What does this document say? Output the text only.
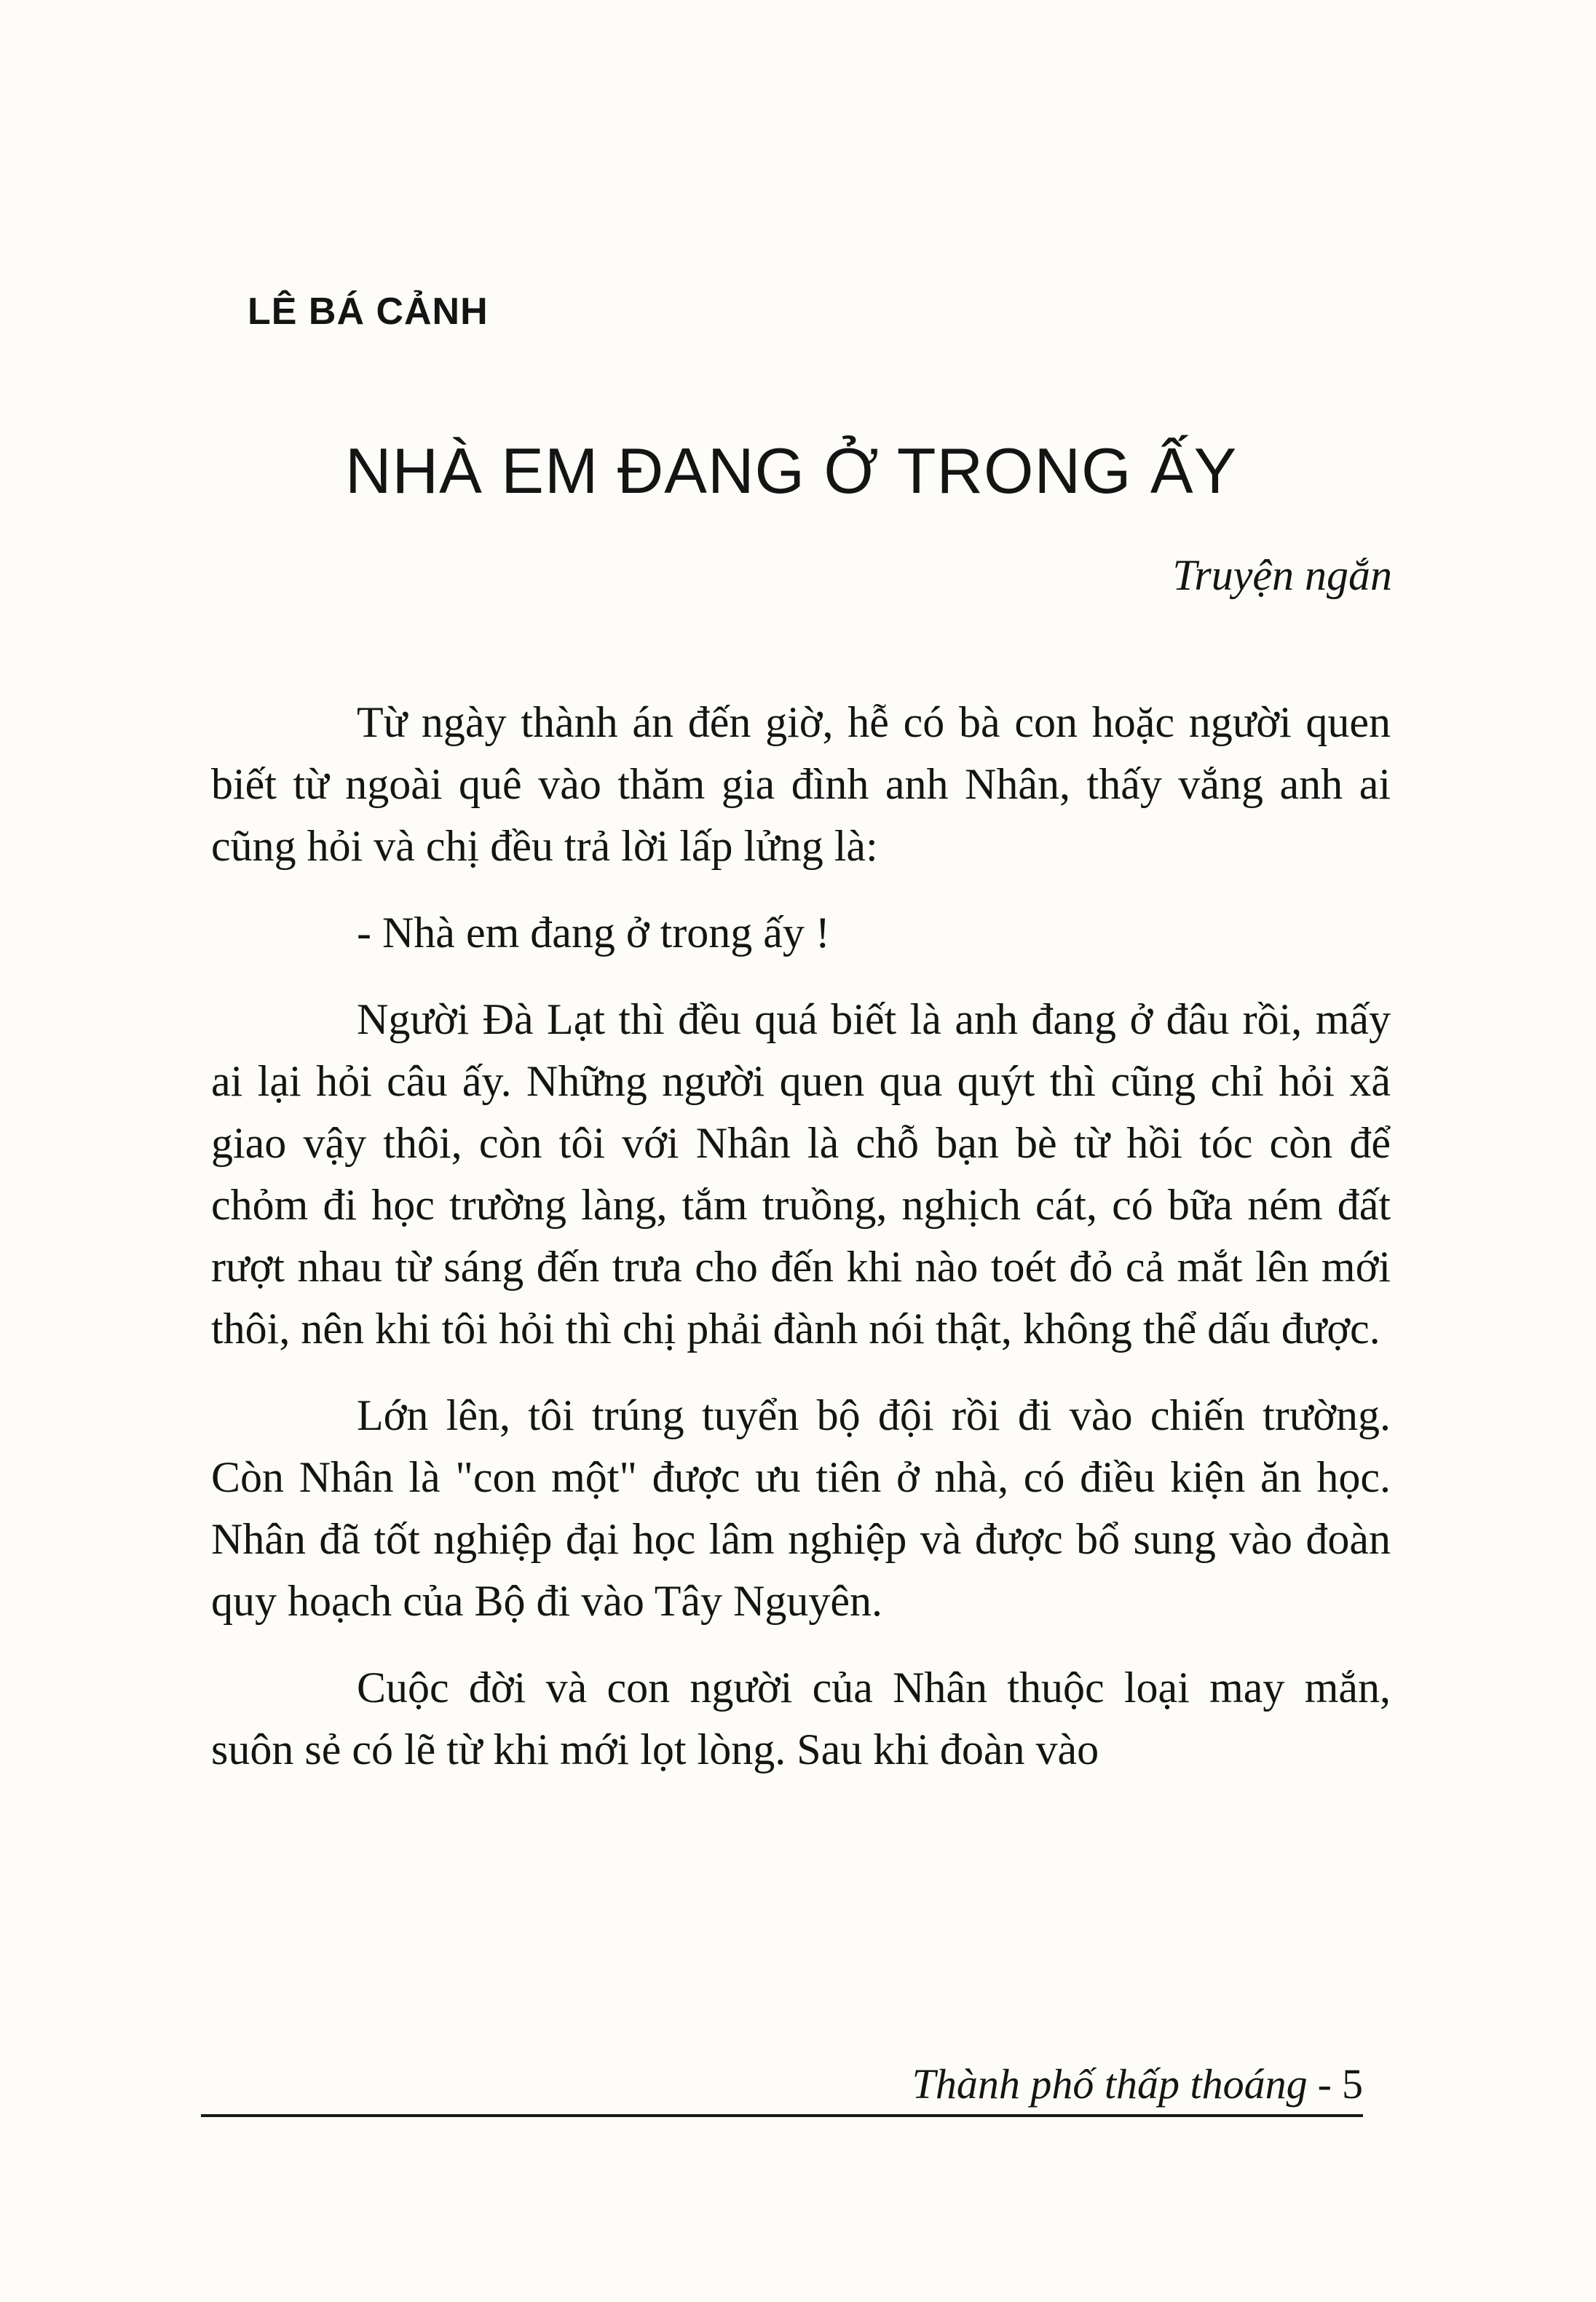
LÊ BÁ CẢNH
NHÀ EM ĐANG Ở TRONG ẤY
Truyện ngắn

Từ ngày thành án đến giờ, hễ có bà con hoặc người quen biết từ ngoài quê vào thăm gia đình anh Nhân, thấy vắng anh ai cũng hỏi và chị đều trả lời lấp lửng là:

- Nhà em đang ở trong ấy !

Người Đà Lạt thì đều quá biết là anh đang ở đâu rồi, mấy ai lại hỏi câu ấy. Những người quen qua quýt thì cũng chỉ hỏi xã giao vậy thôi, còn tôi với Nhân là chỗ bạn bè từ hồi tóc còn để chỏm đi học trường làng, tắm truồng, nghịch cát, có bữa ném đất rượt nhau từ sáng đến trưa cho đến khi nào toét đỏ cả mắt lên mới thôi, nên khi tôi hỏi thì chị phải đành nói thật, không thể dấu được.

Lớn lên, tôi trúng tuyển bộ đội rồi đi vào chiến trường. Còn Nhân là "con một" được ưu tiên ở nhà, có điều kiện ăn học. Nhân đã tốt nghiệp đại học lâm nghiệp và được bổ sung vào đoàn quy hoạch của Bộ đi vào Tây Nguyên.

Cuộc đời và con người của Nhân thuộc loại may mắn, suôn sẻ có lẽ từ khi mới lọt lòng. Sau khi đoàn vào

Thành phố thấp thoáng - 5
